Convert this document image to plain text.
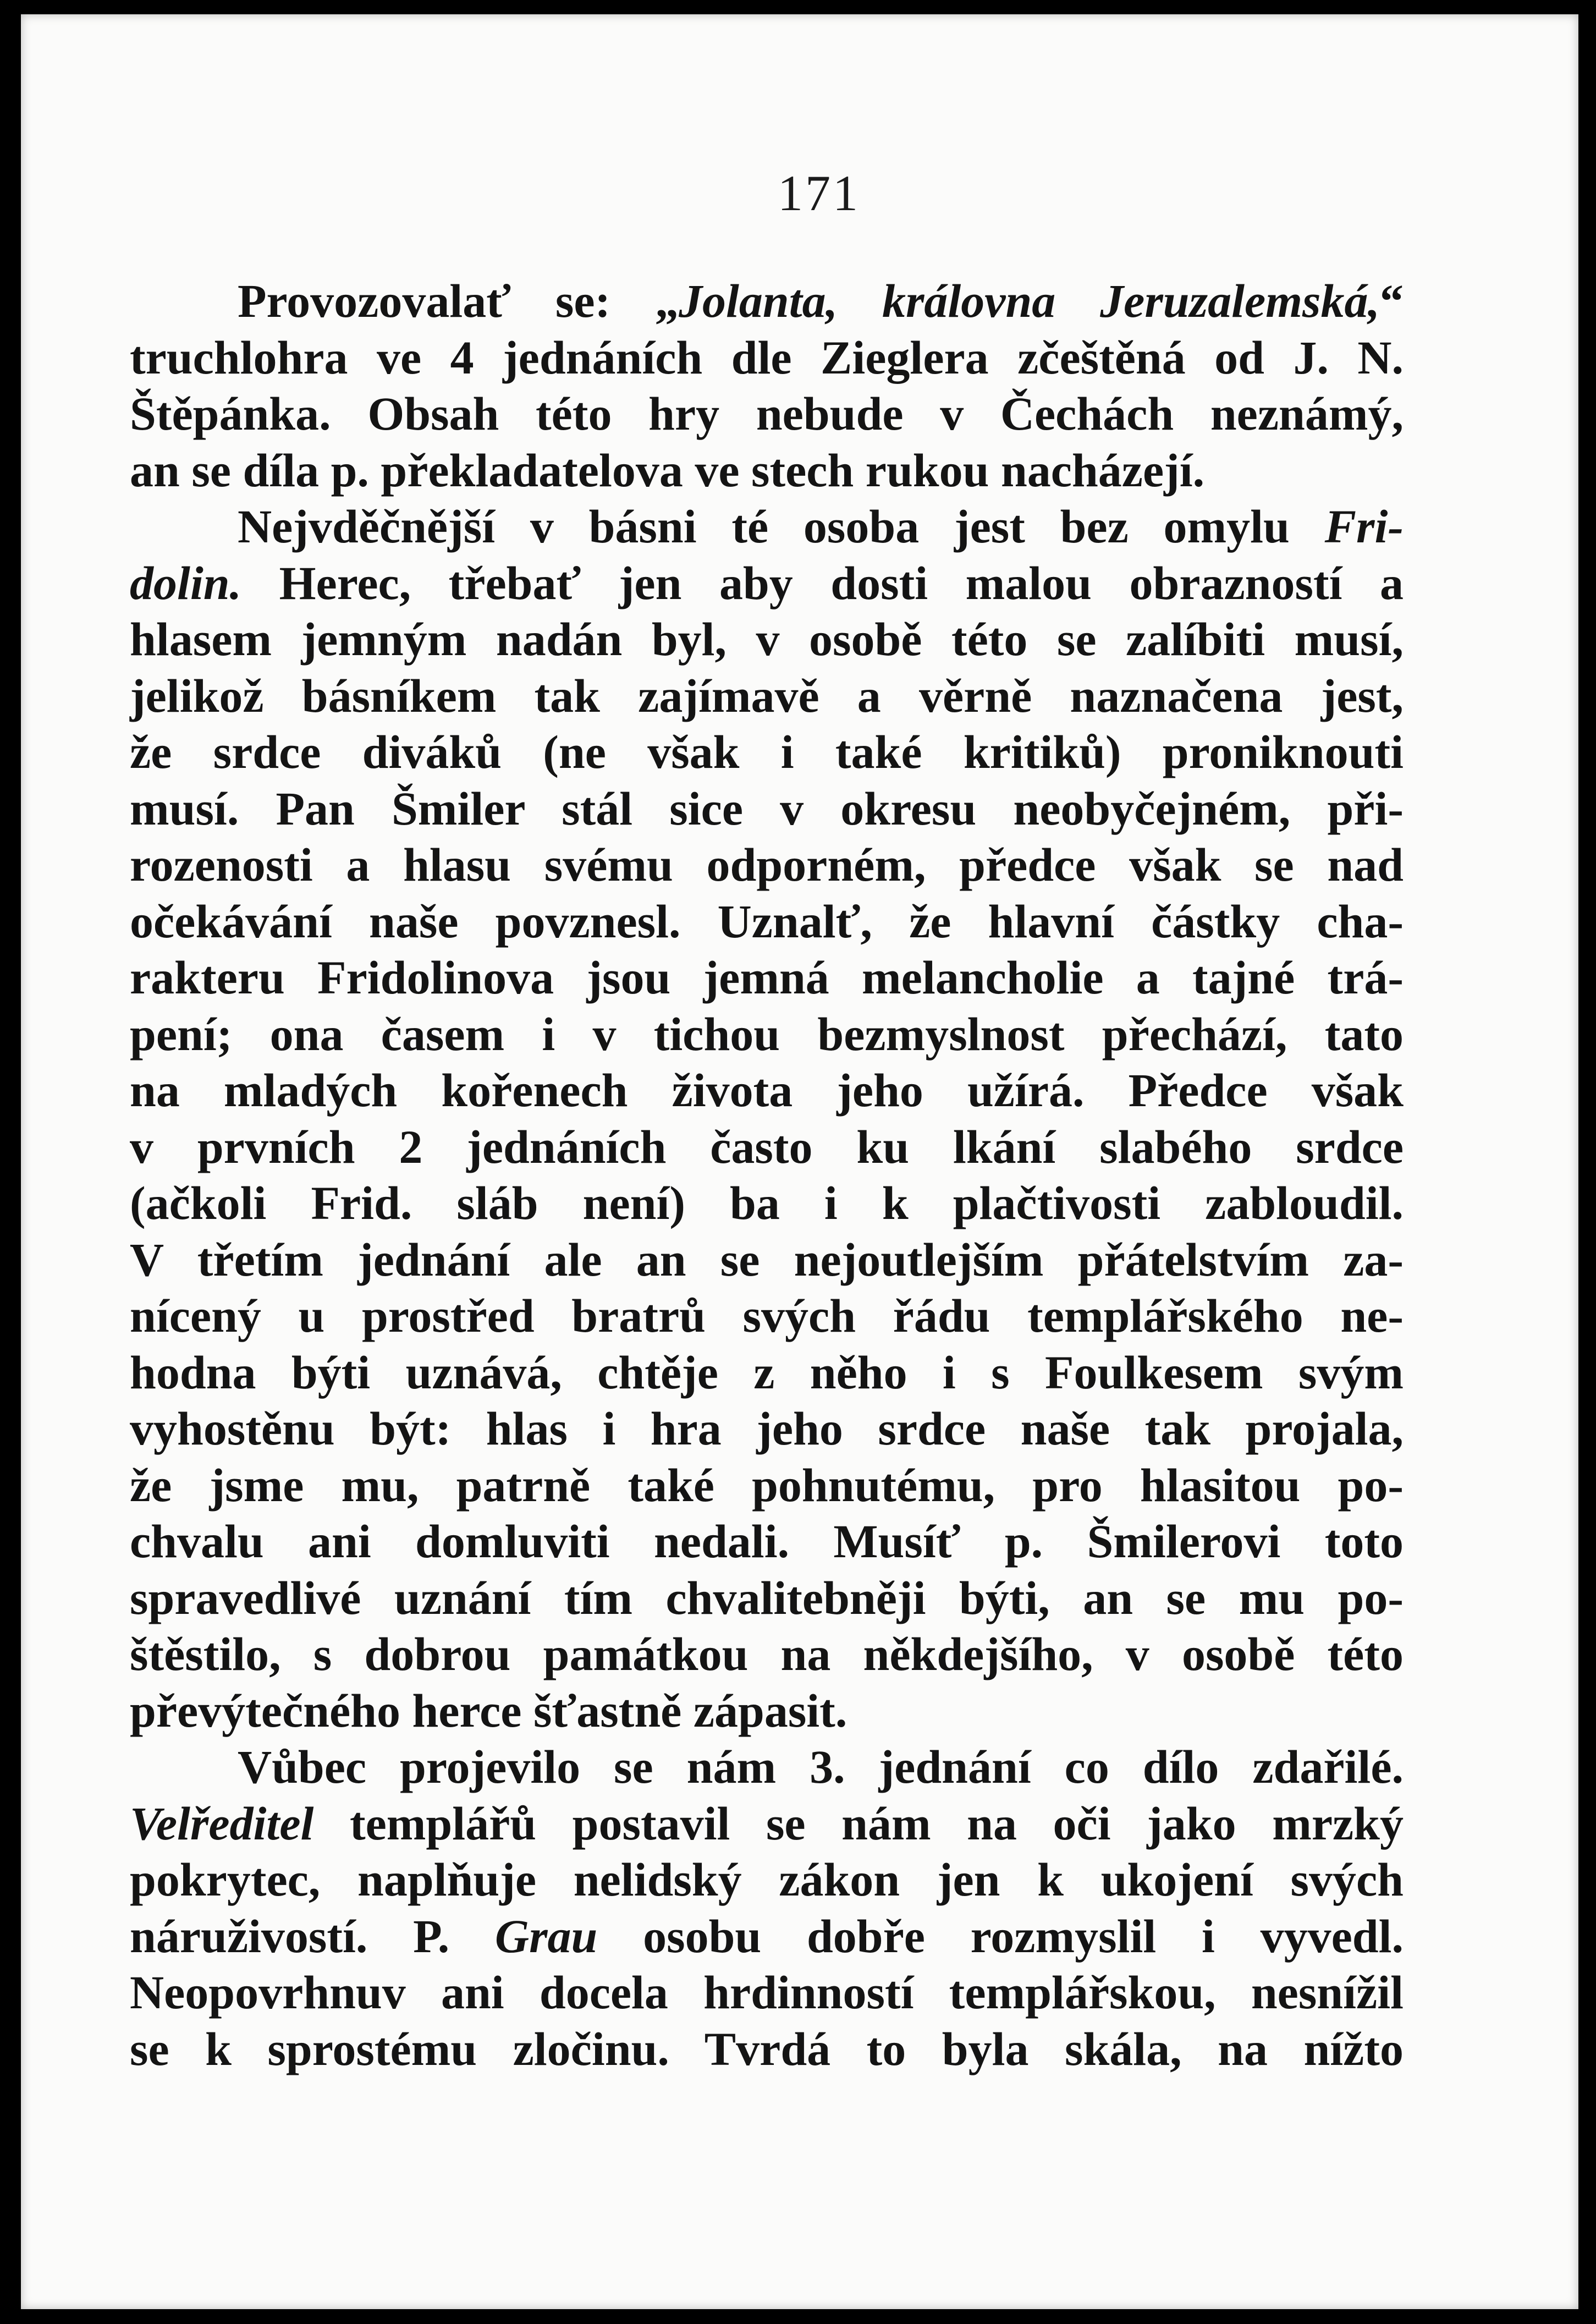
171
Provozovalať se: „Jolanta, královna Jeruzalemská,“
truchlohra ve 4 jednáních dle Zieglera zčeštěná od J. N.
Štěpánka. Obsah této hry nebude v Čechách neznámý,
an se díla p. překladatelova ve stech rukou nacházejí.
Nejvděčnější v básni té osoba jest bez omylu Fri-
dolin. Herec, třebať jen aby dosti malou obrazností a
hlasem jemným nadán byl, v osobě této se zalíbiti musí,
jelikož básníkem tak zajímavě a věrně naznačena jest,
že srdce diváků (ne však i také kritiků) proniknouti
musí. Pan Šmiler stál sice v okresu neobyčejném, při-
rozenosti a hlasu svému odporném, předce však se nad
očekávání naše povznesl. Uznalť, že hlavní částky cha-
rakteru Fridolinova jsou jemná melancholie a tajné trá-
pení; ona časem i v tichou bezmyslnost přechází, tato
na mladých kořenech života jeho užírá. Předce však
v prvních 2 jednáních často ku lkání slabého srdce
(ačkoli Frid. sláb není) ba i k plačtivosti zabloudil.
V třetím jednání ale an se nejoutlejším přátelstvím za-
nícený u prostřed bratrů svých řádu templářského ne-
hodna býti uznává, chtěje z něho i s Foulkesem svým
vyhostěnu být: hlas i hra jeho srdce naše tak projala,
že jsme mu, patrně také pohnutému, pro hlasitou po-
chvalu ani domluviti nedali. Musíť p. Šmilerovi toto
spravedlivé uznání tím chvalitebněji býti, an se mu po-
štěstilo, s dobrou památkou na někdejšího, v osobě této
převýtečného herce šťastně zápasit.
Vůbec projevilo se nám 3. jednání co dílo zdařilé.
Velředitel templářů postavil se nám na oči jako mrzký
pokrytec, naplňuje nelidský zákon jen k ukojení svých
náruživostí. P. Grau osobu dobře rozmyslil i vyvedl.
Neopovrhnuv ani docela hrdinností templářskou, nesnížil
se k sprostému zločinu. Tvrdá to byla skála, na nížto
